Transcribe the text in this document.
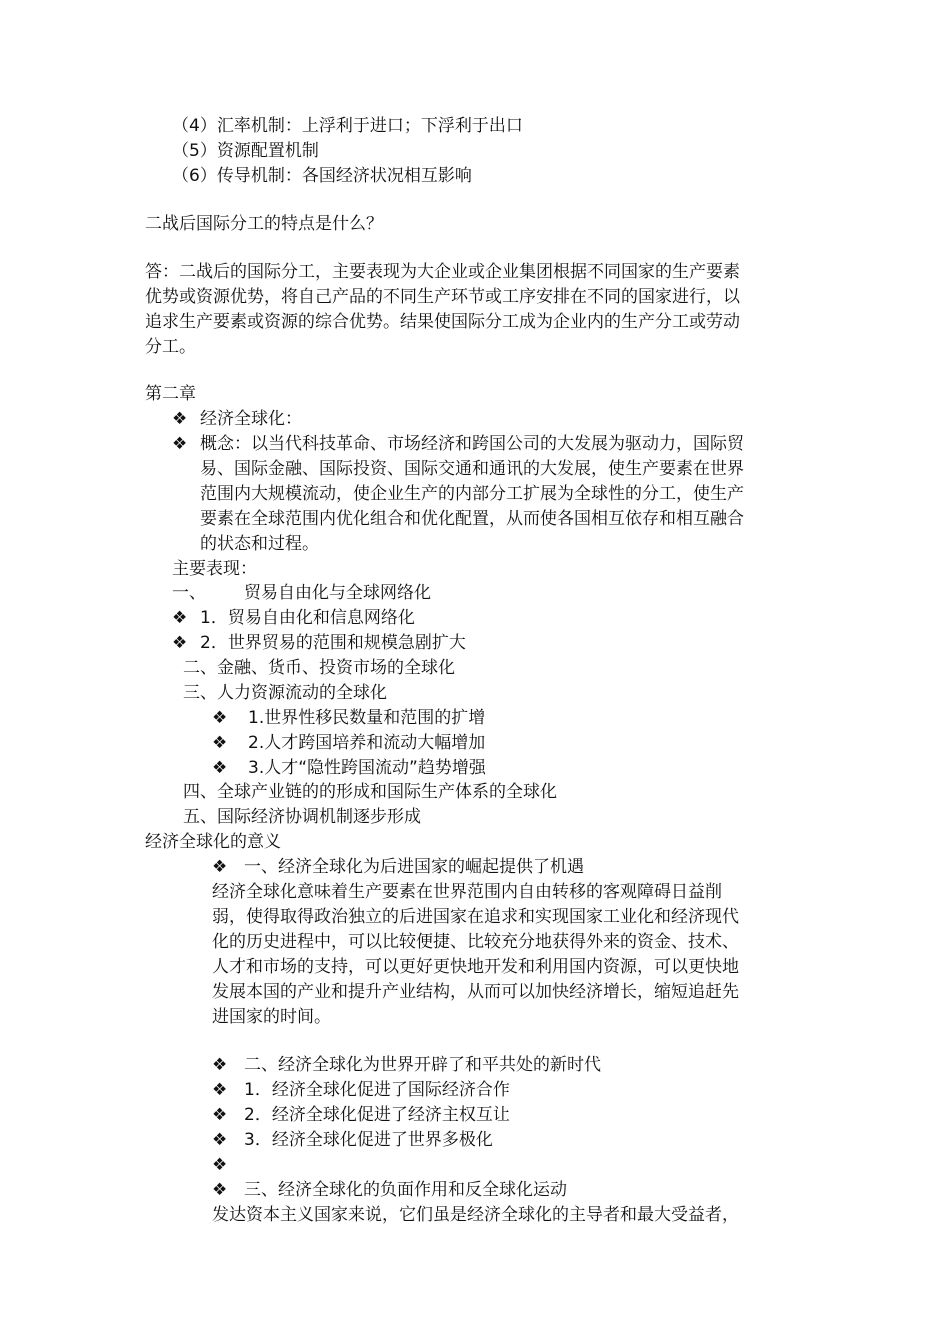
（4）汇率机制：上浮利于进口；下浮利于出口
（5）资源配置机制
（6）传导机制：各国经济状况相互影响
二战后国际分工的特点是什么？
答：二战后的国际分工，主要表现为大企业或企业集团根据不同国家的生产要素
优势或资源优势，将自己产品的不同生产环节或工序安排在不同的国家进行，以
追求生产要素或资源的综合优势。结果使国际分工成为企业内的生产分工或劳动
分工。
第二章
❖ 经济全球化：
❖ 概念：以当代科技革命、市场经济和跨国公司的大发展为驱动力，国际贸
易、国际金融、国际投资、国际交通和通讯的大发展，使生产要素在世界
范围内大规模流动，使企业生产的内部分工扩展为全球性的分工，使生产
要素在全球范围内优化组合和优化配置，从而使各国相互依存和相互融合
的状态和过程。
主要表现：
一、 贸易自由化与全球网络化
❖ 1．贸易自由化和信息网络化
❖ 2．世界贸易的范围和规模急剧扩大
二、金融、货币、投资市场的全球化
三、人力资源流动的全球化
❖ 1.世界性移民数量和范围的扩增
❖ 2.人才跨国培养和流动大幅增加
❖ 3.人才“隐性跨国流动”趋势增强
四、全球产业链的的形成和国际生产体系的全球化
五、国际经济协调机制逐步形成
经济全球化的意义
❖ 一、经济全球化为后进国家的崛起提供了机遇
经济全球化意味着生产要素在世界范围内自由转移的客观障碍日益削
弱，使得取得政治独立的后进国家在追求和实现国家工业化和经济现代
化的历史进程中，可以比较便捷、比较充分地获得外来的资金、技术、
人才和市场的支持，可以更好更快地开发和利用国内资源，可以更快地
发展本国的产业和提升产业结构，从而可以加快经济增长，缩短追赶先
进国家的时间。
❖ 二、经济全球化为世界开辟了和平共处的新时代
❖ 1．经济全球化促进了国际经济合作
❖ 2．经济全球化促进了经济主权互让
❖ 3．经济全球化促进了世界多极化
❖
❖ 三、经济全球化的负面作用和反全球化运动
发达资本主义国家来说，它们虽是经济全球化的主导者和最大受益者，
